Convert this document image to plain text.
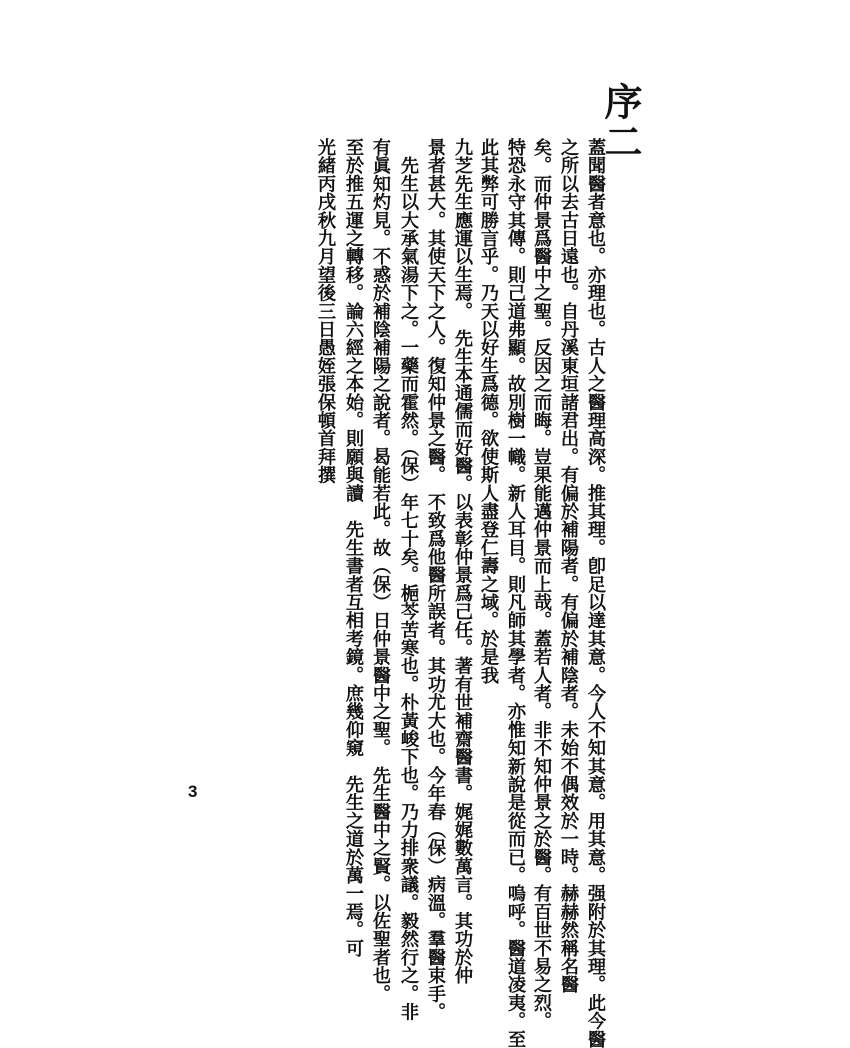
序二
蓋聞醫者意也。亦理也。古人之醫理高深。推其理。卽足以達其意。今人不知其意。用其意。强附於其理。此今醫
之所以去古日遠也。自丹溪東垣諸君出。有偏於補陽者。有偏於補陰者。未始不偶效於一時。赫赫然稱名醫
矣。而仲景爲醫中之聖。反因之而晦。豈果能邁仲景而上哉。蓋若人者。非不知仲景之於醫。有百世不易之烈。
特恐永守其傳。則己道弗顯。故別樹一幟。新人耳目。則凡師其學者。亦惟知新說是從而已。嗚呼。醫道凌夷。至
此其弊可勝言乎。乃天以好生爲德。欲使斯人盡登仁壽之域。於是我
九芝先生應運以生焉。　先生本通儒而好醫。以表彰仲景爲己任。著有世補齋醫書。娓娓數萬言。其功於仲
景者甚大。其使天下之人。復知仲景之醫。　不致爲他醫所誤者。其功尤大也。今年春（保）病溫。羣醫束手。
　先生以大承氣湯下之。一藥而霍然。（保）年七十矣。梔芩苦寒也。朴黃峻下也。乃力排衆議。毅然行之。非
有眞知灼見。不惑於補陰補陽之說者。曷能若此。故（保）日仲景醫中之聖。　先生醫中之賢。以佐聖者也。
至於推五運之轉移。論六經之本始。則願與讀　先生書者互相考鏡。庶幾仰窺　先生之道於萬一焉。可
光緒丙戌秋九月望後三日愚姪張保頓首拜撰
3
